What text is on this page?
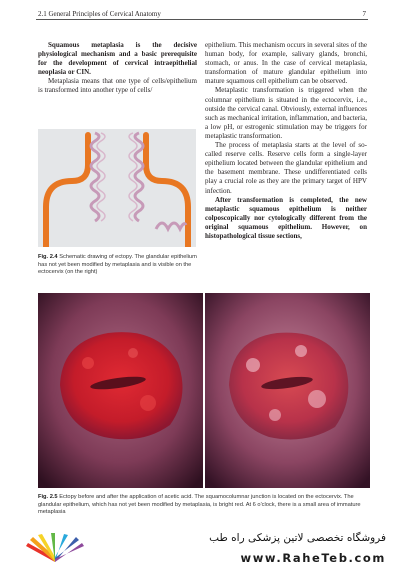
2.1 General Principles of Cervical Anatomy	7

Squamous metaplasia is the decisive physiological mechanism and a basic prerequisite for the development of cervical intraepithelial neoplasia or CIN.

Metaplasia means that one type of cells/epithelium is transformed into another type of cells/

Fig. 2.4 Schematic drawing of ectopy. The glandular epithelium has not yet been modified by metaplasia and is visible on the ectocervix (on the right)

epithelium. This mechanism occurs in several sites of the human body, for example, salivary glands, bronchi, stomach, or anus. In the case of cervical metaplasia, transformation of mature glandular epithelium into mature squamous cell epithelium can be observed.

Metaplastic transformation is triggered when the columnar epithelium is situated in the ectocervix, i.e., outside the cervical canal. Obviously, external influences such as mechanical irritation, inflammation, and bacteria, a low pH, or estrogenic stimulation may be triggers for metaplastic transformation.

The process of metaplasia starts at the level of so-called reserve cells. Reserve cells form a single-layer epithelium located between the glandular epithelium and the basement membrane. These undifferentiated cells play a crucial role as they are the primary target of HPV infection.

After transformation is completed, the new metaplastic squamous epithelium is neither colposcopically nor cytologically different from the original squamous epithelium. However, on histopathological tissue sections,

Fig. 2.5 Ectopy before and after the application of acetic acid. The squamocolumnar junction is located on the ectocervix. The glandular epithelium, which has not yet been modified by metaplasia, is bright red. At 6 o'clock, there is a small area of immature metaplasia
فروشگاه تخصصی لاتین پزشکی راه طب
www.RaheTeb.com
